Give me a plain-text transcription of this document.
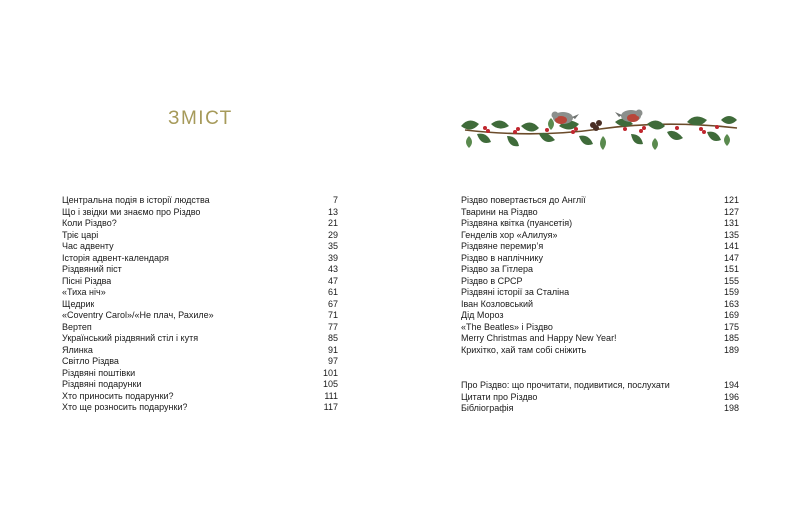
ЗМІСТ
Центральна подія в історії людства	7
Що і звідки ми знаємо про Різдво	13
Коли Різдво?	21
Тріє царі	29
Час адвенту	35
Історія адвент-календаря	39
Різдвяний піст	43
Пісні Різдва	47
«Тиха ніч»	61
Щедрик	67
«Coventry Carol»/«Не плач, Рахиле»	71
Вертеп	77
Український різдвяний стіл і кутя	85
Ялинка	91
Світло Різдва	97
Різдвяні поштівки	101
Різдвяні подарунки	105
Хто приносить подарунки?	111
Хто ще розносить подарунки?	117
Різдво повертається до Англії	121
Тварини на Різдво	127
Різдвяна квітка (пуансетія)	131
Генделів хор «Алилуя»	135
Різдвяне перемир’я	141
Різдво в наплічнику	147
Різдво за Гітлера	151
Різдво в СРСР	155
Різдвяні історії за Сталіна	159
Іван Козловський	163
Дід Мороз	169
«The Beatles» і Різдво	175
Merry Christmas and Happy New Year!	185
Крихітко, хай там собі сніжить	189
Про Різдво: що прочитати, подивитися, послухати	194
Цитати про Різдво	196
Бібліографія	198
